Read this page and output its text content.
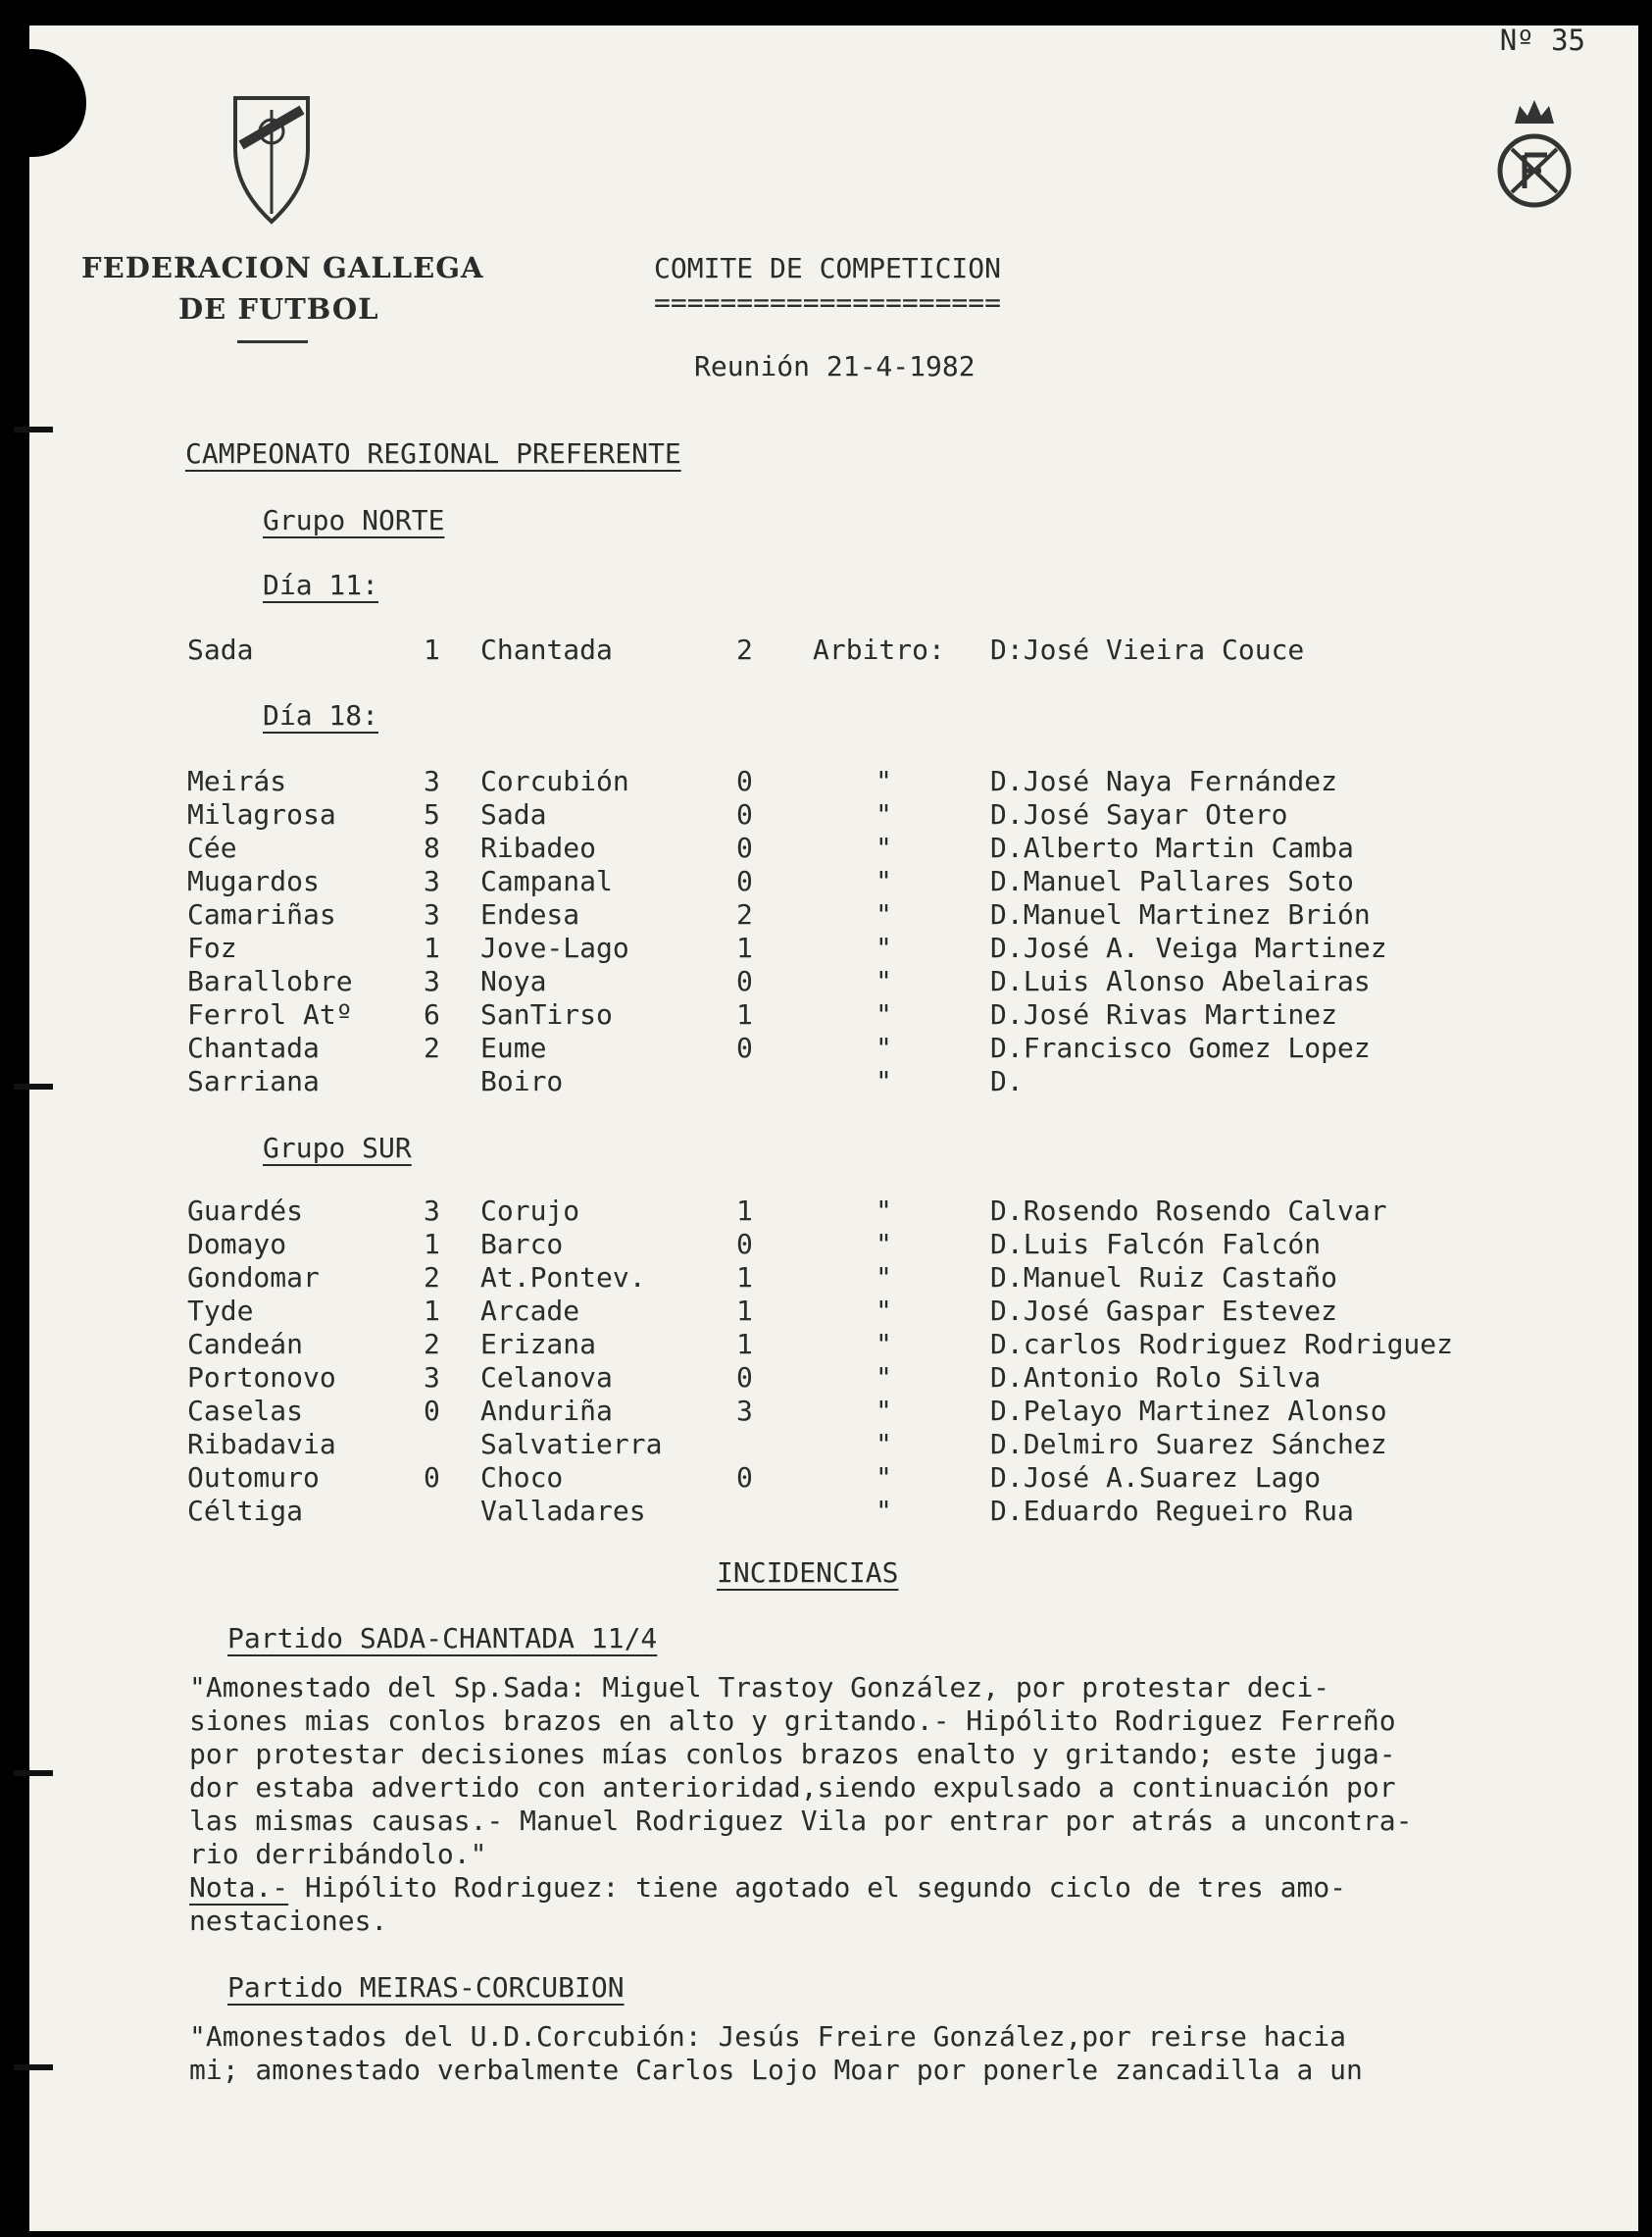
Nº 35
FEDERACION GALLEGA
DE FUTBOL
COMITE DE COMPETICION
=====================
Reunión 21-4-1982
CAMPEONATO REGIONAL PREFERENTE
Grupo NORTE
Día 11:
Sada	1 Chantada	2 Arbitro: D:José Vieira Couce
Día 18:
Meirás	3 Corcubión	0	"	D.José Naya Fernández
Milagrosa	5 Sada	0	"	D.José Sayar Otero
Cée	8 Ribadeo	0	"	D.Alberto Martin Camba
Mugardos	3 Campanal	0	"	D.Manuel Pallares Soto
Camariñas	3 Endesa	2	"	D.Manuel Martinez Brión
Foz	1 Jove-Lago	1	"	D.José A. Veiga Martinez
Barallobre	3 Noya	0	"	D.Luis Alonso Abelairas
Ferrol Atº	6 SanTirso	1	"	D.José Rivas Martinez
Chantada	2 Eume	0	"	D.Francisco Gomez Lopez
Sarriana	Boiro	"	D.
Grupo SUR
Guardés	3 Corujo	1	"	D.Rosendo Rosendo Calvar
Domayo	1 Barco	0	"	D.Luis Falcón Falcón
Gondomar	2 At.Pontev.	1	"	D.Manuel Ruiz Castaño
Tyde	1 Arcade	1	"	D.José Gaspar Estevez
Candeán	2 Erizana	1	"	D.carlos Rodriguez Rodriguez
Portonovo	3 Celanova	0	"	D.Antonio Rolo Silva
Caselas	0 Anduriña	3	"	D.Pelayo Martinez Alonso
Ribadavia	Salvatierra	"	D.Delmiro Suarez Sánchez
Outomuro	0 Choco	0	"	D.José A.Suarez Lago
Céltiga	Valladares	"	D.Eduardo Regueiro Rua
INCIDENCIAS
Partido SADA-CHANTADA 11/4
"Amonestado del Sp.Sada: Miguel Trastoy González, por protestar deci-
siones mias conlos brazos en alto y gritando.- Hipólito Rodriguez Ferreño
por protestar decisiones mías conlos brazos enalto y gritando; este juga-
dor estaba advertido con anterioridad,siendo expulsado a continuación por
las mismas causas.- Manuel Rodriguez Vila por entrar por atrás a uncontra-
rio derribándolo."
Nota.- Hipólito Rodriguez: tiene agotado el segundo ciclo de tres amo-
nestaciones.
Partido MEIRAS-CORCUBION
"Amonestados del U.D.Corcubión: Jesús Freire González,por reirse hacia
mi; amonestado verbalmente Carlos Lojo Moar por ponerle zancadilla a un
